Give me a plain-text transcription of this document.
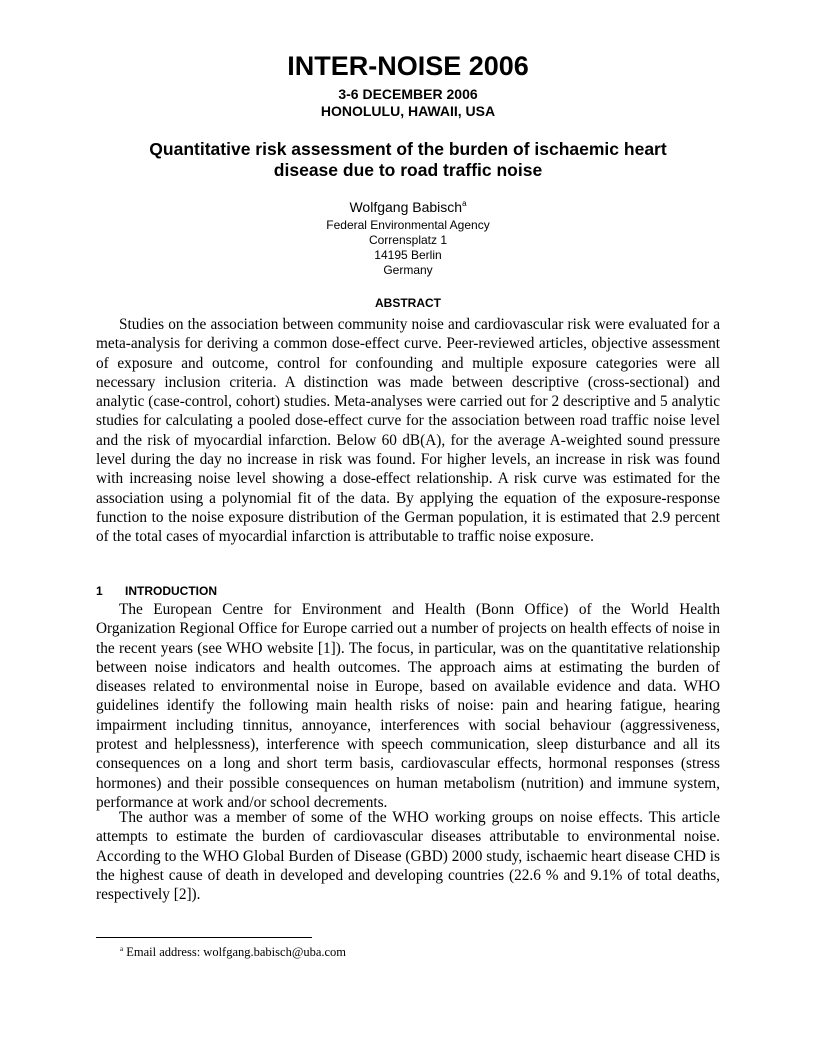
INTER-NOISE 2006
3-6 DECEMBER 2006
HONOLULU, HAWAII, USA
Quantitative risk assessment of the burden of ischaemic heart
disease due to road traffic noise
Wolfgang Babisch$^a$
Federal Environmental Agency
Corrensplatz 1
14195 Berlin
Germany
ABSTRACT

Studies on the association between community noise and cardiovascular risk were evaluated for a meta-analysis for deriving a common dose-effect curve. Peer-reviewed articles, objective assessment of exposure and outcome, control for confounding and multiple exposure categories were all necessary inclusion criteria. A distinction was made between descriptive (cross-sectional) and analytic (case-control, cohort) studies. Meta-analyses were carried out for 2 descriptive and 5 analytic studies for calculating a pooled dose-effect curve for the association between road traffic noise level and the risk of myocardial infarction. Below 60 dB(A), for the average A-weighted sound pressure level during the day no increase in risk was found. For higher levels, an increase in risk was found with increasing noise level showing a dose-effect relationship. A risk curve was estimated for the association using a polynomial fit of the data. By applying the equation of the exposure-response function to the noise exposure distribution of the German population, it is estimated that 2.9 percent of the total cases of myocardial infarction is attributable to traffic noise exposure.

1 INTRODUCTION

The European Centre for Environment and Health (Bonn Office) of the World Health Organization Regional Office for Europe carried out a number of projects on health effects of noise in the recent years (see WHO website [1]). The focus, in particular, was on the quantitative relationship between noise indicators and health outcomes. The approach aims at estimating the burden of diseases related to environmental noise in Europe, based on available evidence and data. WHO guidelines identify the following main health risks of noise: pain and hearing fatigue, hearing impairment including tinnitus, annoyance, interferences with social behaviour (aggressiveness, protest and helplessness), interference with speech communication, sleep disturbance and all its consequences on a long and short term basis, cardiovascular effects, hormonal responses (stress hormones) and their possible consequences on human metabolism (nutrition) and immune system, performance at work and/or school decrements.

The author was a member of some of the WHO working groups on noise effects. This article attempts to estimate the burden of cardiovascular diseases attributable to environmental noise. According to the WHO Global Burden of Disease (GBD) 2000 study, ischaemic heart disease CHD is the highest cause of death in developed and developing countries (22.6 % and 9.1% of total deaths, respectively [2]).

$^a$ Email address: wolfgang.babisch@uba.com
